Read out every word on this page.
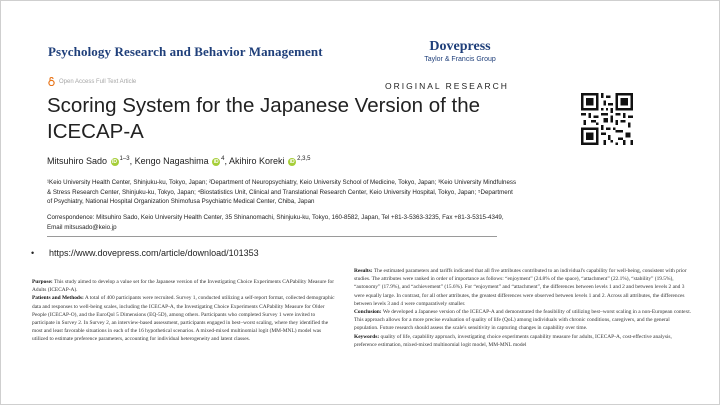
Psychology Research and Behavior Management	Dovepress
Taylor & Francis Group
Open Access Full Text Article	ORIGINAL RESEARCH
Scoring System for the Japanese Version of the ICECAP-A
Mitsuhiro Sado iD $^{1-3}$, Kengo Nagashima iD $^4$, Akihiro Koreki iD $^{2,3,5}$
¹Keio University Health Center, Shinjuku-ku, Tokyo, Japan; ²Department of Neuropsychiatry, Keio University School of Medicine, Tokyo, Japan; ³Keio University Mindfulness & Stress Research Center, Shinjuku-ku, Tokyo, Japan; ⁴Biostatistics Unit, Clinical and Translational Research Center, Keio University Hospital, Tokyo, Japan; ⁵Department of Psychiatry, National Hospital Organization Shimofusa Psychiatric Medical Center, Chiba, Japan
Correspondence: Mitsuhiro Sado, Keio University Health Center, 35 Shinanomachi, Shinjuku-ku, Tokyo, 160-8582, Japan, Tel +81-3-5363-3235, Fax +81-3-5315-4349, Email mitsusado@keio.jp
• https://www.dovepress.com/article/download/101353

Purpose: This study aimed to develop a value set for the Japanese version of the Investigating Choice Experiments CAPability Measure for Adults (ICECAP-A).

Patients and Methods: A total of 400 participants were recruited. Survey 1, conducted utilizing a self-report format, collected demographic data and responses to well-being scales, including the ICECAP-A, the Investigating Choice Experiments CAPability Measure for Older People (ICECAP-O), and the EuroQol 5 Dimensions (EQ-5D), among others. Participants who completed Survey 1 were invited to participate in Survey 2. In Survey 2, an interview-based assessment, participants engaged in best–worst scaling, where they identified the most and least favorable situations in each of the 16 hypothetical scenarios. A mixed-mixed multinomial logit (MM-MNL) model was utilized to estimate preference parameters, accounting for individual heterogeneity and latent classes.

Results: The estimated parameters and tariffs indicated that all five attributes contributed to an individual's capability for well-being, consistent with prior studies. The attributes were ranked in order of importance as follows: “enjoyment” (24.8% of the space), “attachment” (22.1%), “stability” (19.5%), “autonomy” (17.9%), and “achievement” (15.6%). For “enjoyment” and “attachment”, the differences between levels 1 and 2 and between levels 2 and 3 were equally large. In contrast, for all other attributes, the greatest differences were observed between levels 1 and 2. Across all attributes, the differences between levels 3 and 4 were comparatively smaller.

Conclusion: We developed a Japanese version of the ICECAP-A and demonstrated the feasibility of utilizing best–worst scaling in a non-European context. This approach allows for a more precise evaluation of quality of life (QoL) among individuals with chronic conditions, caregivers, and the general population. Future research should assess the scale's sensitivity in capturing changes in capability over time.

Keywords: quality of life, capability approach, investigating choice experiments capability measure for adults, ICECAP-A, cost-effective analysis, preference estimation, mixed-mixed multinomial logit model, MM-MNL model
